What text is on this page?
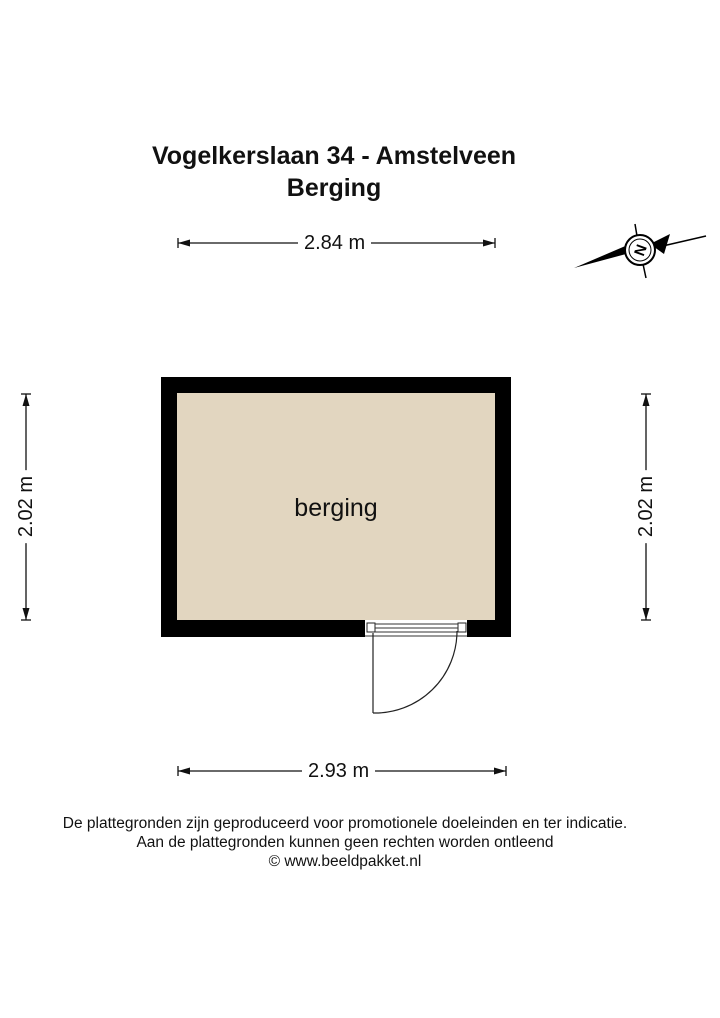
Vogelkerslaan 34 - Amstelveen
Berging
N
2.84 m
2.93 m
2.02 m	2.02 m
berging
De plattegronden zijn geproduceerd voor promotionele doeleinden en ter indicatie.
Aan de plattegronden kunnen geen rechten worden ontleend
© www.beeldpakket.nl
